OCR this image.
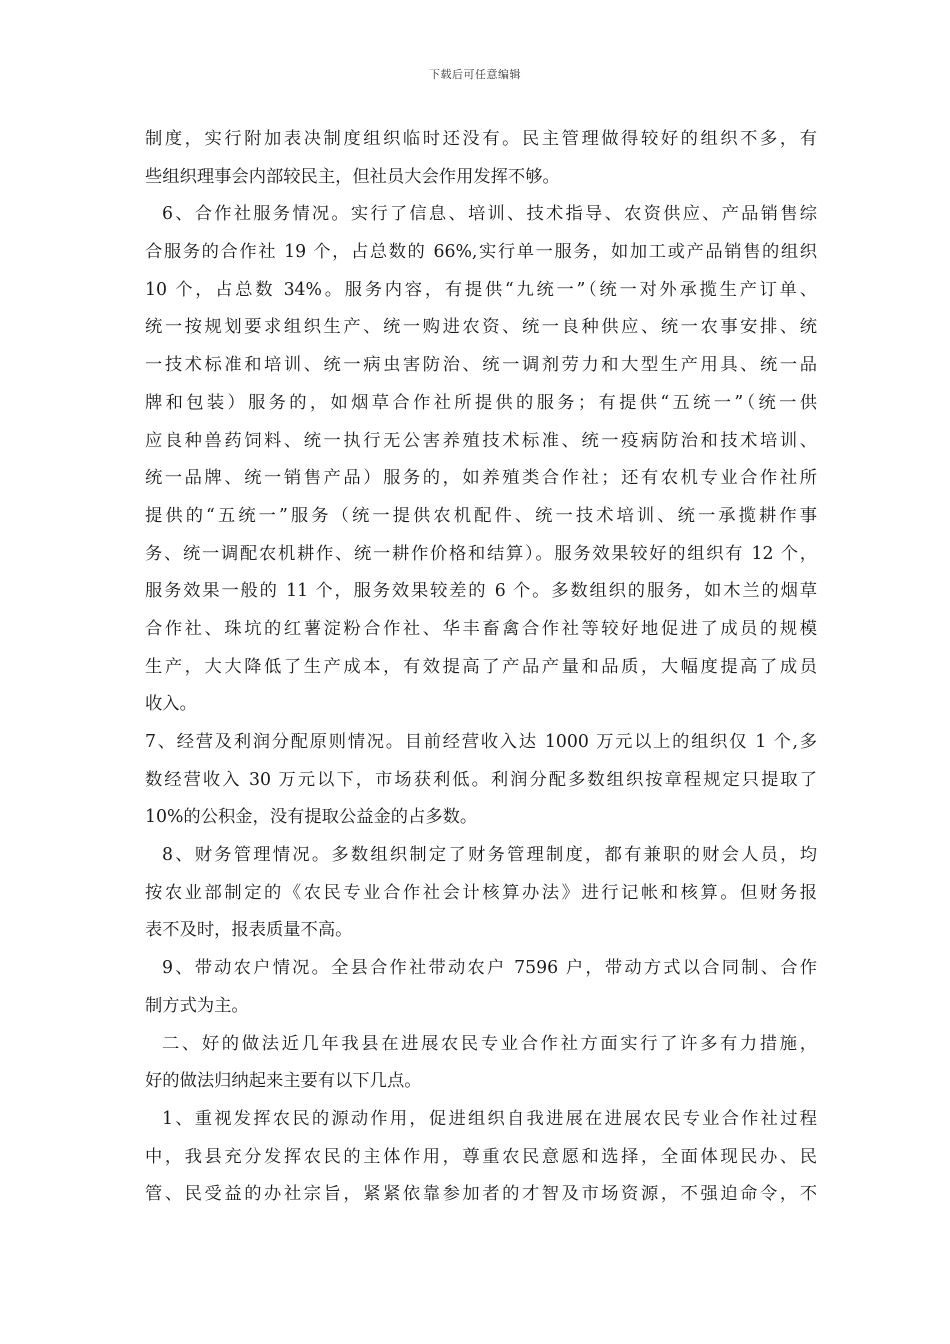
下载后可任意编辑
制度，实行附加表决制度组织临时还没有。民主管理做得较好的组织不多，有
些组织理事会内部较民主，但社员大会作用发挥不够。
6、合作社服务情况。实行了信息、培训、技术指导、农资供应、产品销售综
合服务的合作社 19 个，占总数的 66%,实行单一服务，如加工或产品销售的组织
10 个，占总数 34%。服务内容，有提供“九统一”（统一对外承揽生产订单、
统一按规划要求组织生产、统一购进农资、统一良种供应、统一农事安排、统
一技术标准和培训、统一病虫害防治、统一调剂劳力和大型生产用具、统一品
牌和包装）服务的，如烟草合作社所提供的服务；有提供“五统一”（统一供
应良种兽药饲料、统一执行无公害养殖技术标准、统一疫病防治和技术培训、
统一品牌、统一销售产品）服务的，如养殖类合作社；还有农机专业合作社所
提供的“五统一”服务（统一提供农机配件、统一技术培训、统一承揽耕作事
务、统一调配农机耕作、统一耕作价格和结算）。服务效果较好的组织有 12 个，
服务效果一般的 11 个，服务效果较差的 6 个。多数组织的服务，如木兰的烟草
合作社、珠坑的红薯淀粉合作社、华丰畜禽合作社等较好地促进了成员的规模
生产，大大降低了生产成本，有效提高了产品产量和品质，大幅度提高了成员
收入。
7、经营及利润分配原则情况。目前经营收入达 1000 万元以上的组织仅 1 个,多
数经营收入 30 万元以下，市场获利低。利润分配多数组织按章程规定只提取了
10%的公积金，没有提取公益金的占多数。
8、财务管理情况。多数组织制定了财务管理制度，都有兼职的财会人员，均
按农业部制定的《农民专业合作社会计核算办法》进行记帐和核算。但财务报
表不及时，报表质量不高。
9、带动农户情况。全县合作社带动农户 7596 户，带动方式以合同制、合作
制方式为主。
二、好的做法近几年我县在进展农民专业合作社方面实行了许多有力措施，
好的做法归纳起来主要有以下几点。
1、重视发挥农民的源动作用，促进组织自我进展在进展农民专业合作社过程
中，我县充分发挥农民的主体作用，尊重农民意愿和选择，全面体现民办、民
管、民受益的办社宗旨，紧紧依靠参加者的才智及市场资源，不强迫命令，不
